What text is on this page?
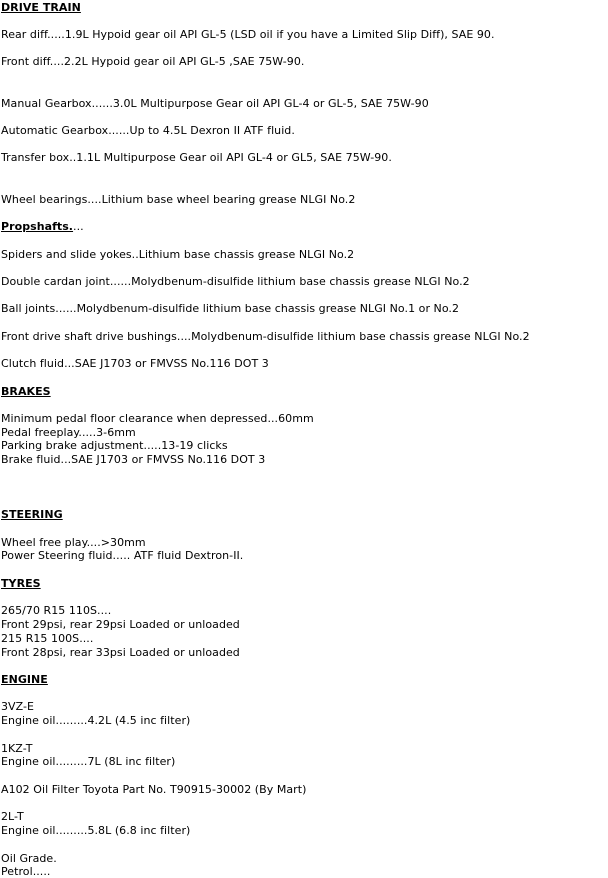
DRIVE TRAIN
Rear diff.....1.9L Hypoid gear oil API GL-5 (LSD oil if you have a Limited Slip Diff), SAE 90.
Front diff....2.2L Hypoid gear oil API GL-5 ,SAE 75W-90.
Manual Gearbox......3.0L Multipurpose Gear oil API GL-4 or GL-5, SAE 75W-90
Automatic Gearbox......Up to 4.5L Dexron II ATF fluid.
Transfer box..1.1L Multipurpose Gear oil API GL-4 or GL5, SAE 75W-90.
Wheel bearings....Lithium base wheel bearing grease NLGI No.2
Propshafts....
Spiders and slide yokes..Lithium base chassis grease NLGI No.2
Double cardan joint......Molydbenum-disulfide lithium base chassis grease NLGI No.2
Ball joints......Molydbenum-disulfide lithium base chassis grease NLGI No.1 or No.2
Front drive shaft drive bushings....Molydbenum-disulfide lithium base chassis grease NLGI No.2
Clutch fluid...SAE J1703 or FMVSS No.116 DOT 3
BRAKES
Minimum pedal floor clearance when depressed...60mm
Pedal freeplay.....3-6mm
Parking brake adjustment.....13-19 clicks
Brake fluid...SAE J1703 or FMVSS No.116 DOT 3
STEERING
Wheel free play....>30mm
Power Steering fluid..... ATF fluid Dextron-II.
TYRES
265/70 R15 110S....
Front 29psi, rear 29psi Loaded or unloaded
215 R15 100S....
Front 28psi, rear 33psi Loaded or unloaded
ENGINE
3VZ-E
Engine oil.........4.2L (4.5 inc filter)
1KZ-T
Engine oil.........7L (8L inc filter)
A102 Oil Filter Toyota Part No. T90915-30002 (By Mart)
2L-T
Engine oil.........5.8L (6.8 inc filter)
Oil Grade.
Petrol.....
